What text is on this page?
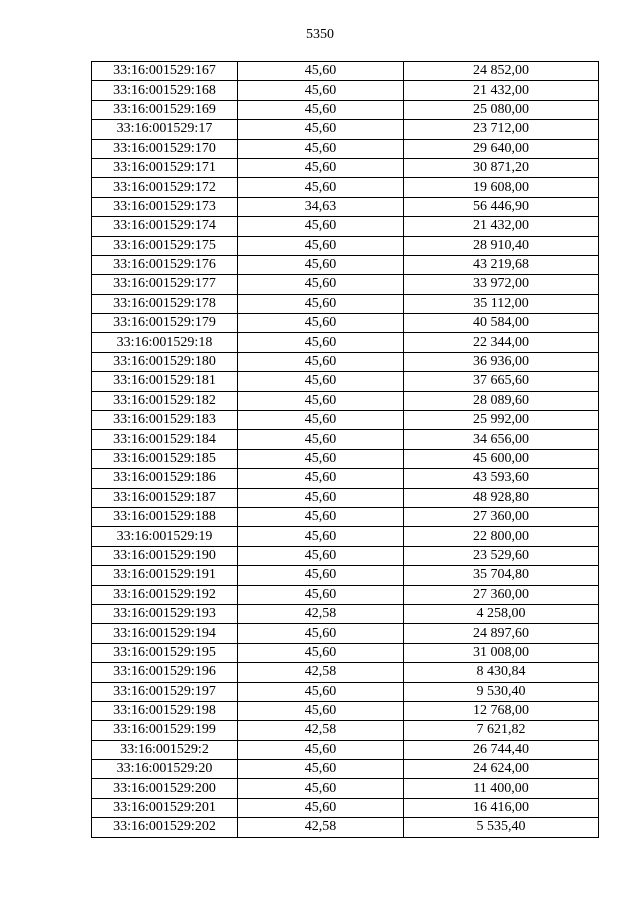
5350
33:16:001529:167	45,60	24 852,00
33:16:001529:168	45,60	21 432,00
33:16:001529:169	45,60	25 080,00
33:16:001529:17	45,60	23 712,00
33:16:001529:170	45,60	29 640,00
33:16:001529:171	45,60	30 871,20
33:16:001529:172	45,60	19 608,00
33:16:001529:173	34,63	56 446,90
33:16:001529:174	45,60	21 432,00
33:16:001529:175	45,60	28 910,40
33:16:001529:176	45,60	43 219,68
33:16:001529:177	45,60	33 972,00
33:16:001529:178	45,60	35 112,00
33:16:001529:179	45,60	40 584,00
33:16:001529:18	45,60	22 344,00
33:16:001529:180	45,60	36 936,00
33:16:001529:181	45,60	37 665,60
33:16:001529:182	45,60	28 089,60
33:16:001529:183	45,60	25 992,00
33:16:001529:184	45,60	34 656,00
33:16:001529:185	45,60	45 600,00
33:16:001529:186	45,60	43 593,60
33:16:001529:187	45,60	48 928,80
33:16:001529:188	45,60	27 360,00
33:16:001529:19	45,60	22 800,00
33:16:001529:190	45,60	23 529,60
33:16:001529:191	45,60	35 704,80
33:16:001529:192	45,60	27 360,00
33:16:001529:193	42,58	4 258,00
33:16:001529:194	45,60	24 897,60
33:16:001529:195	45,60	31 008,00
33:16:001529:196	42,58	8 430,84
33:16:001529:197	45,60	9 530,40
33:16:001529:198	45,60	12 768,00
33:16:001529:199	42,58	7 621,82
33:16:001529:2	45,60	26 744,40
33:16:001529:20	45,60	24 624,00
33:16:001529:200	45,60	11 400,00
33:16:001529:201	45,60	16 416,00
33:16:001529:202	42,58	5 535,40
